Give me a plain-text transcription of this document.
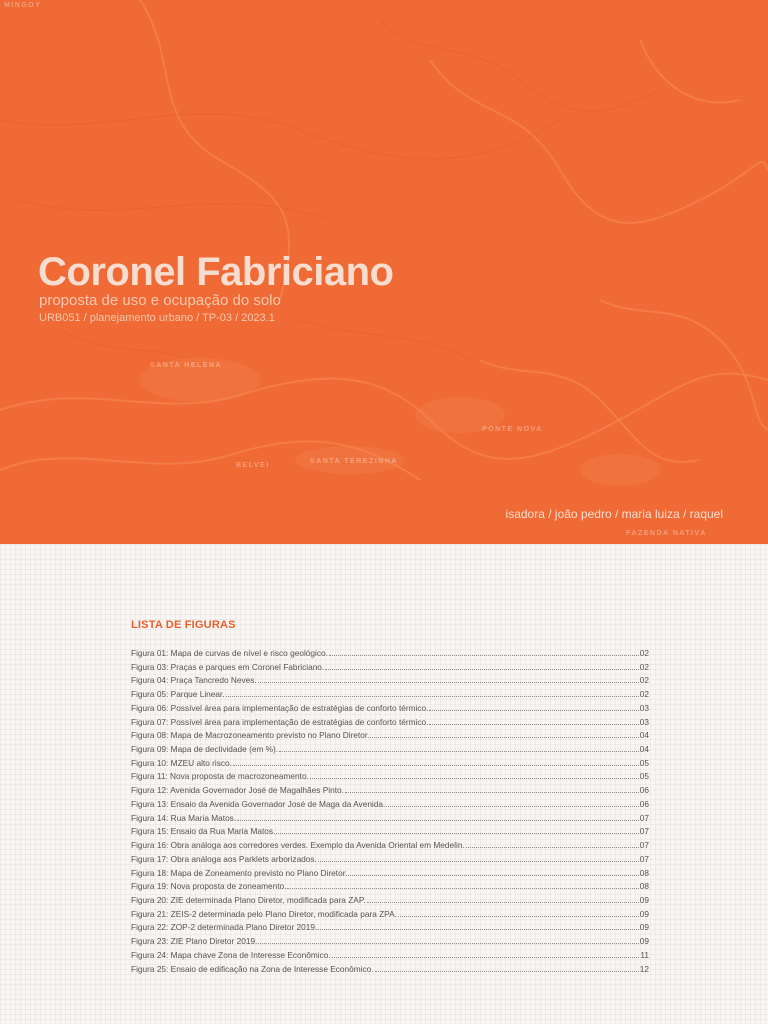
MINGOY
SANTA HELENA
PONTE NOVA
SANTA TEREZINHA
BELVEI
FAZENDA NATIVA
Coronel Fabriciano
proposta de uso e ocupação do solo
URB051 / planejamento urbano / TP-03 / 2023.1
isadora / joão pedro / maria luiza / raquel
LISTA DE FIGURAS
Figura 01: Mapa de curvas de nível e risco geológico.	02
Figura 03: Praças e parques em Coronel Fabriciano.	02
Figura 04: Praça Tancredo Neves.	02
Figura 05: Parque Linear.	02
Figura 06: Possível área para implementação de estratégias de conforto térmico.	03
Figura 07: Possível área para implementação de estratégias de conforto térmico.	03
Figura 08: Mapa de Macrozoneamento previsto no Plano Diretor.	04
Figura 09: Mapa de declividade (em %).	04
Figura 10: MZEU alto risco.	05
Figura 11: Nova proposta de macrozoneamento.	05
Figura 12: Avenida Governador José de Magalhães Pinto.	06
Figura 13: Ensaio da Avenida Governador José de Maga da Avenida.	06
Figura 14: Rua Maria Matos.	07
Figura 15: Ensaio da Rua Maria Matos.	07
Figura 16: Obra análoga aos corredores verdes. Exemplo da Avenida Oriental em Medelin.	07
Figura 17: Obra análoga aos Parklets arborizados.	07
Figura 18: Mapa de Zoneamento previsto no Plano Diretor.	08
Figura 19: Nova proposta de zoneamento.	08
Figura 20: ZIE determinada Plano Diretor, modificada para ZAP.	09
Figura 21: ZEIS-2 determinada pelo Plano Diretor, modificada para ZPA.	09
Figura 22: ZOP-2 determinada Plano Diretor 2019.	09
Figura 23: ZIE Plano Diretor 2019.	09
Figura 24: Mapa chave Zona de Interesse Econômico.	11
Figura 25: Ensaio de edificação na Zona de Interesse Econômico.	12
